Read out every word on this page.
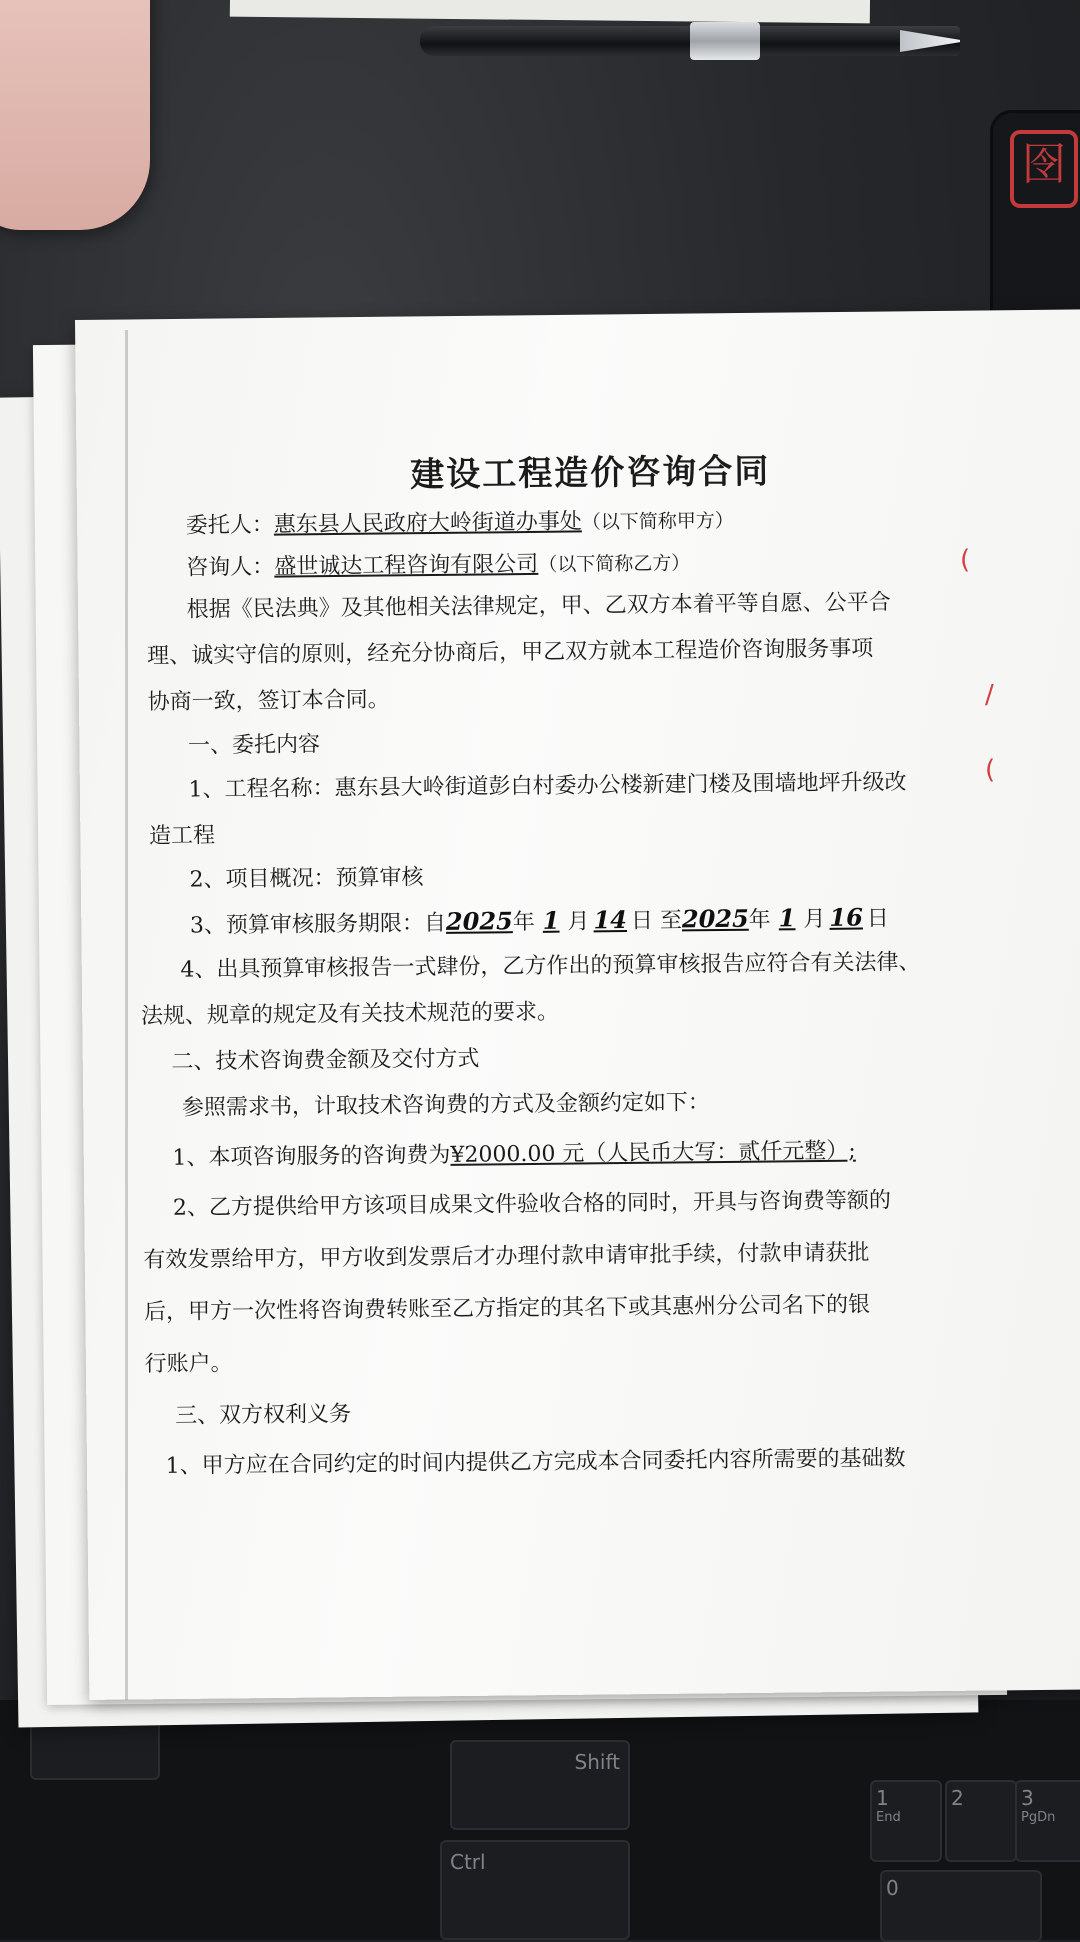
囹
Shift
Ctrl
1
End
2	3
PgDn
0
(
/
(
建设工程造价咨询合同

委托人：惠东县人民政府大岭街道办事处（以下简称甲方）

咨询人：盛世诚达工程咨询有限公司（以下简称乙方）

根据《民法典》及其他相关法律规定，甲、乙双方本着平等自愿、公平合

理、诚实守信的原则，经充分协商后，甲乙双方就本工程造价咨询服务事项

协商一致，签订本合同。

一、委托内容

1、工程名称：惠东县大岭街道彭白村委办公楼新建门楼及围墙地坪升级改

造工程

2、项目概况：预算审核

3、预算审核服务期限：自2025年 1 月 14 日 至2025年 1 月 16 日

4、出具预算审核报告一式肆份，乙方作出的预算审核报告应符合有关法律、

法规、规章的规定及有关技术规范的要求。

二、技术咨询费金额及交付方式

参照需求书，计取技术咨询费的方式及金额约定如下：

1、本项咨询服务的咨询费为¥2000.00 元（人民币大写：贰仟元整）;

2、乙方提供给甲方该项目成果文件验收合格的同时，开具与咨询费等额的

有效发票给甲方，甲方收到发票后才办理付款申请审批手续，付款申请获批

后，甲方一次性将咨询费转账至乙方指定的其名下或其惠州分公司名下的银

行账户。

三、双方权利义务

1、甲方应在合同约定的时间内提供乙方完成本合同委托内容所需要的基础数
